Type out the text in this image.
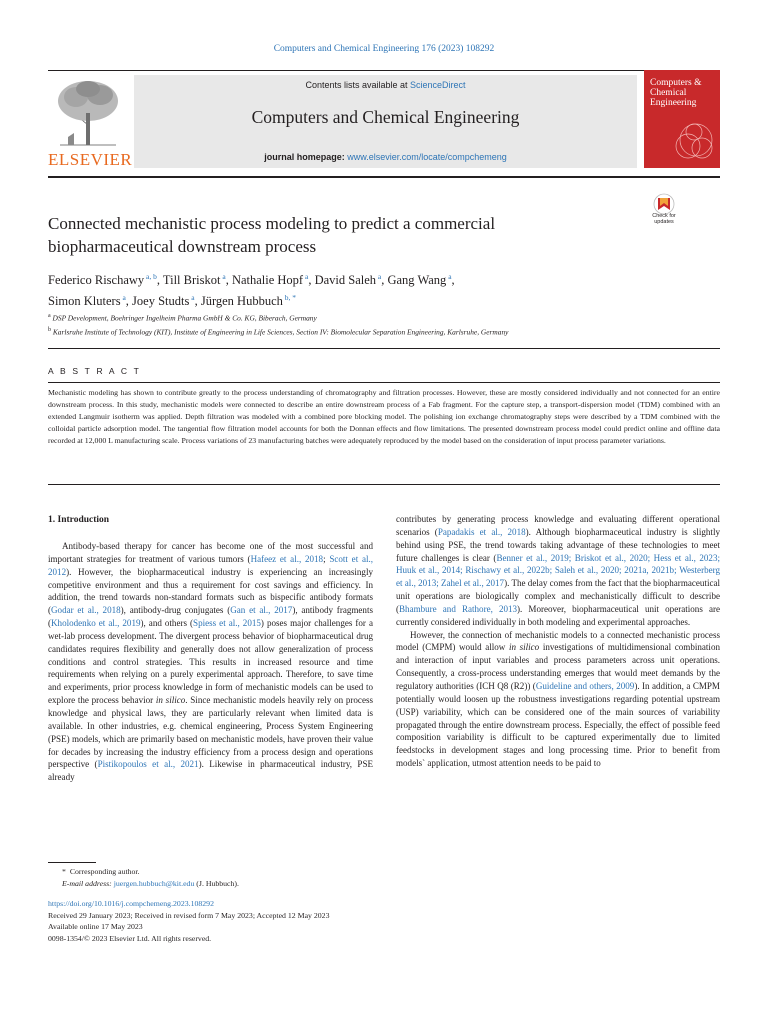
Computers and Chemical Engineering 176 (2023) 108292
ELSEVIER
Contents lists available at ScienceDirect
Computers and Chemical Engineering
journal homepage: www.elsevier.com/locate/compchemeng
Computers & Chemical Engineering
Connected mechanistic process modeling to predict a commercial biopharmaceutical downstream process
Check for updates
Federico Rischawy $^{a, b}$, Till Briskot $^a$, Nathalie Hopf $^a$, David Saleh $^a$, Gang Wang $^a$,
Simon Kluters $^a$, Joey Studts $^a$, Jürgen Hubbuch $^{b, *}$
$^a$ DSP Development, Boehringer Ingelheim Pharma GmbH & Co. KG, Biberach, Germany
$^b$ Karlsruhe Institute of Technology (KIT), Institute of Engineering in Life Sciences, Section IV: Biomolecular Separation Engineering, Karlsruhe, Germany
A B S T R A C T
Mechanistic modeling has shown to contribute greatly to the process understanding of chromatography and filtration processes. However, these are mostly considered individually and not connected for an entire downstream process. In this study, mechanistic models were connected to describe an entire downstream process of a Fab fragment. For the capture step, a transport-dispersion model (TDM) combined with an extended Langmuir isotherm was applied. Depth filtration was modeled with a combined pore blocking model. The polishing ion exchange chromatography steps were described by a TDM combined with the colloidal particle adsorption model. The tangential flow filtration model accounts for both the Donnan effects and flow limitations. The presented downstream process model could predict online and offline data recorded at 12,000 L manufacturing scale. Process variations of 23 manufacturing batches were adequately reproduced by the model based on the consideration of input process parameter variations.
1. Introduction

Antibody-based therapy for cancer has become one of the most successful and important strategies for treatment of various tumors (Hafeez et al., 2018; Scott et al., 2012). However, the biopharmaceutical industry is experiencing an increasingly competitive environment and thus a requirement for cost savings and efficiency. In addition, the trend towards non-standard formats such as bispecific antibody formats (Godar et al., 2018), antibody-drug conjugates (Gan et al., 2017), antibody fragments (Kholodenko et al., 2019), and others (Spiess et al., 2015) poses major challenges for a wet-lab process development. The divergent process behavior of biopharmaceutical drug candidates requires flexibility and generally does not allow generalization of process conditions and control strategies. This results in increased resource and time requirements when relying on a purely experimental approach. Therefore, to save time and experiments, prior process knowledge in form of mechanistic models can be used to explore the process behavior in silico. Since mechanistic models heavily rely on process knowledge and physical laws, they are particularly relevant when limited data is available. In other industries, e.g. chemical engineering, Process System Engineering (PSE) models, which are primarily based on mechanistic models, have proven their value for decades by increasing the industry efficiency from a process design and operations perspective (Pistikopoulos et al., 2021). Likewise in pharmaceutical industry, PSE already

contributes by generating process knowledge and evaluating different operational scenarios (Papadakis et al., 2018). Although biopharmaceutical industry is slightly behind using PSE, the trend towards taking advantage of these technologies to meet future challenges is clear (Benner et al., 2019; Briskot et al., 2020; Hess et al., 2023; Huuk et al., 2014; Rischawy et al., 2022b; Saleh et al., 2020; 2021a, 2021b; Westerberg et al., 2013; Zahel et al., 2017). The delay comes from the fact that the biopharmaceutical unit operations are biologically complex and mechanistically difficult to describe (Bhambure and Rathore, 2013). Moreover, biopharmaceutical unit operations are currently considered individually in both modeling and experimental approaches.

However, the connection of mechanistic models to a connected mechanistic process model (CMPM) would allow in silico investigations of multidimensional combination and interaction of input variables and process parameters across unit operations. Consequently, a cross-process understanding emerges that would meet demands by the regulatory authorities (ICH Q8 (R2)) (Guideline and others, 2009). In addition, a CMPM potentially would loosen up the robustness investigations regarding potential upstream (USP) variability, which can be considered one of the main sources of variability propagated through the entire downstream process. Especially, the effect of possible feed composition variability is difficult to be captured experimentally due to limited feedstocks in development stages and long processing time. Prior to benefit from models` application, utmost attention needs to be paid to

* Corresponding author.
E-mail address: juergen.hubbuch@kit.edu (J. Hubbuch).
https://doi.org/10.1016/j.compchemeng.2023.108292
Received 29 January 2023; Received in revised form 7 May 2023; Accepted 12 May 2023
Available online 17 May 2023
0098-1354/© 2023 Elsevier Ltd. All rights reserved.
